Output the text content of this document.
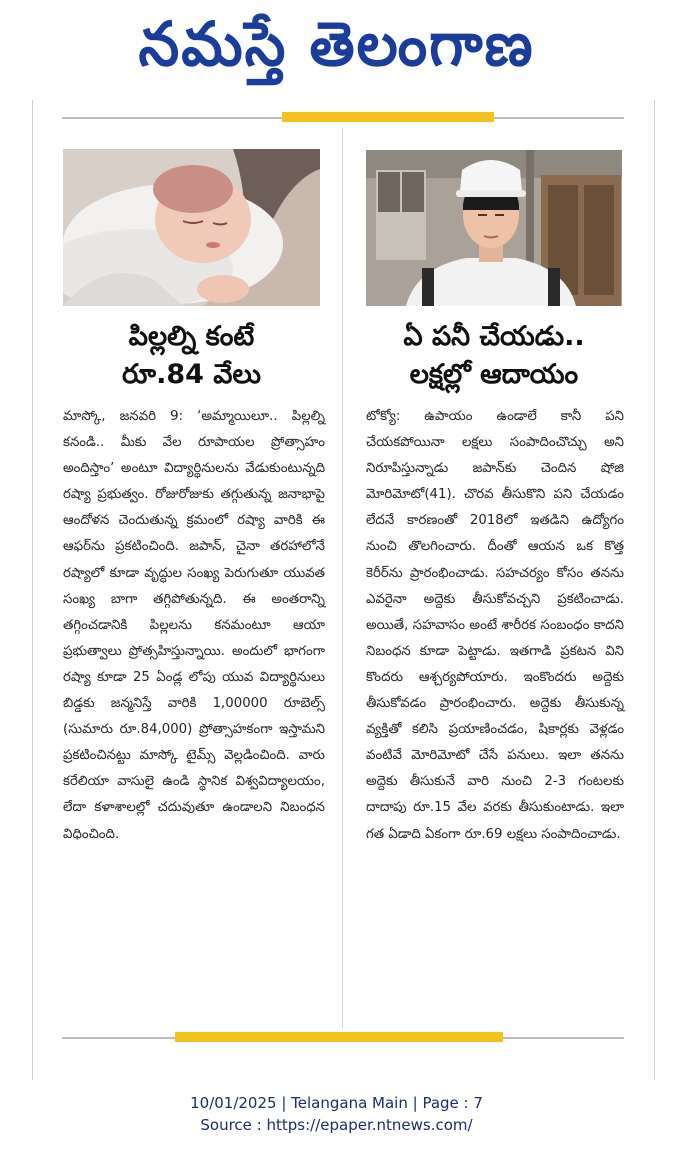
నమస్తే తెలంగాణ
పిల్లల్ని కంటే
రూ.84 వేలు

మాస్కో, జనవరి 9: ‘అమ్మాయిలూ.. పిల్లల్ని కనండి.. మీకు వేల రూపాయల ప్రోత్సాహం అందిస్తాం’ అంటూ విద్యార్థినులను వేడుకుంటున్నది రష్యా ప్రభుత్వం. రోజురోజుకు తగ్గుతున్న జనాభాపై ఆందోళన చెందుతున్న క్రమంలో రష్యా వారికి ఈ ఆఫర్‌ను ప్రకటించింది. జపాన్, చైనా తరహాలోనే రష్యాలో కూడా వృద్ధుల సంఖ్య పెరుగుతూ యువత సంఖ్య బాగా తగ్గిపోతున్నది. ఈ అంతరాన్ని తగ్గించడానికి పిల్లలను కనమంటూ ఆయా ప్రభుత్వాలు ప్రోత్సహిస్తున్నాయి. అందులో భాగంగా రష్యా కూడా 25 ఏండ్ల లోపు యువ విద్యార్థినులు బిడ్డకు జన్మనిస్తే వారికి 1,00000 రూబెల్స్ (సుమారు రూ.84,000) ప్రోత్సాహకంగా ఇస్తామని ప్రకటించినట్టు మాస్కో టైమ్స్ వెల్లడించింది. వారు కరేలియా వాసులై ఉండి స్థానిక విశ్వవిద్యాలయం, లేదా కళాశాలల్లో చదువుతూ ఉండాలని నిబంధన విధించింది.

ఏ పనీ చేయడు..
లక్షల్లో ఆదాయం

టోక్యో: ఉపాయం ఉండాలే కానీ పని చేయకపోయినా లక్షలు సంపాదించొచ్చు అని నిరూపిస్తున్నాడు జపాన్‌కు చెందిన షోజి మోరిమోటో(41). చొరవ తీసుకొని పని చేయడం లేదనే కారణంతో 2018లో ఇతడిని ఉద్యోగం నుంచి తొలగించారు. దీంతో ఆయన ఒక కొత్త కెరీర్‌ను ప్రారంభించాడు. సహచర్యం కోసం తనను ఎవరైనా అద్దెకు తీసుకోవచ్చని ప్రకటించాడు. అయితే, సహవాసం అంటే శారీరక సంబంధం కాదని నిబంధన కూడా పెట్టాడు. ఇతగాడి ప్రకటన విని కొందరు ఆశ్చర్యపోయారు. ఇంకొందరు అద్దెకు తీసుకోవడం ప్రారంభించారు. అద్దెకు తీసుకున్న వ్యక్తితో కలిసి ప్రయాణించడం, షికార్లకు వెళ్లడం వంటివే మోరిమోటో చేసే పనులు. ఇలా తనను అద్దెకు తీసుకునే వారి నుంచి 2-3 గంటలకు దాదాపు రూ.15 వేల వరకు తీసుకుంటాడు. ఇలా గత ఏడాది ఏకంగా రూ.69 లక్షలు సంపాదించాడు.

10/01/2025 | Telangana Main | Page : 7
Source : https://epaper.ntnews.com/
